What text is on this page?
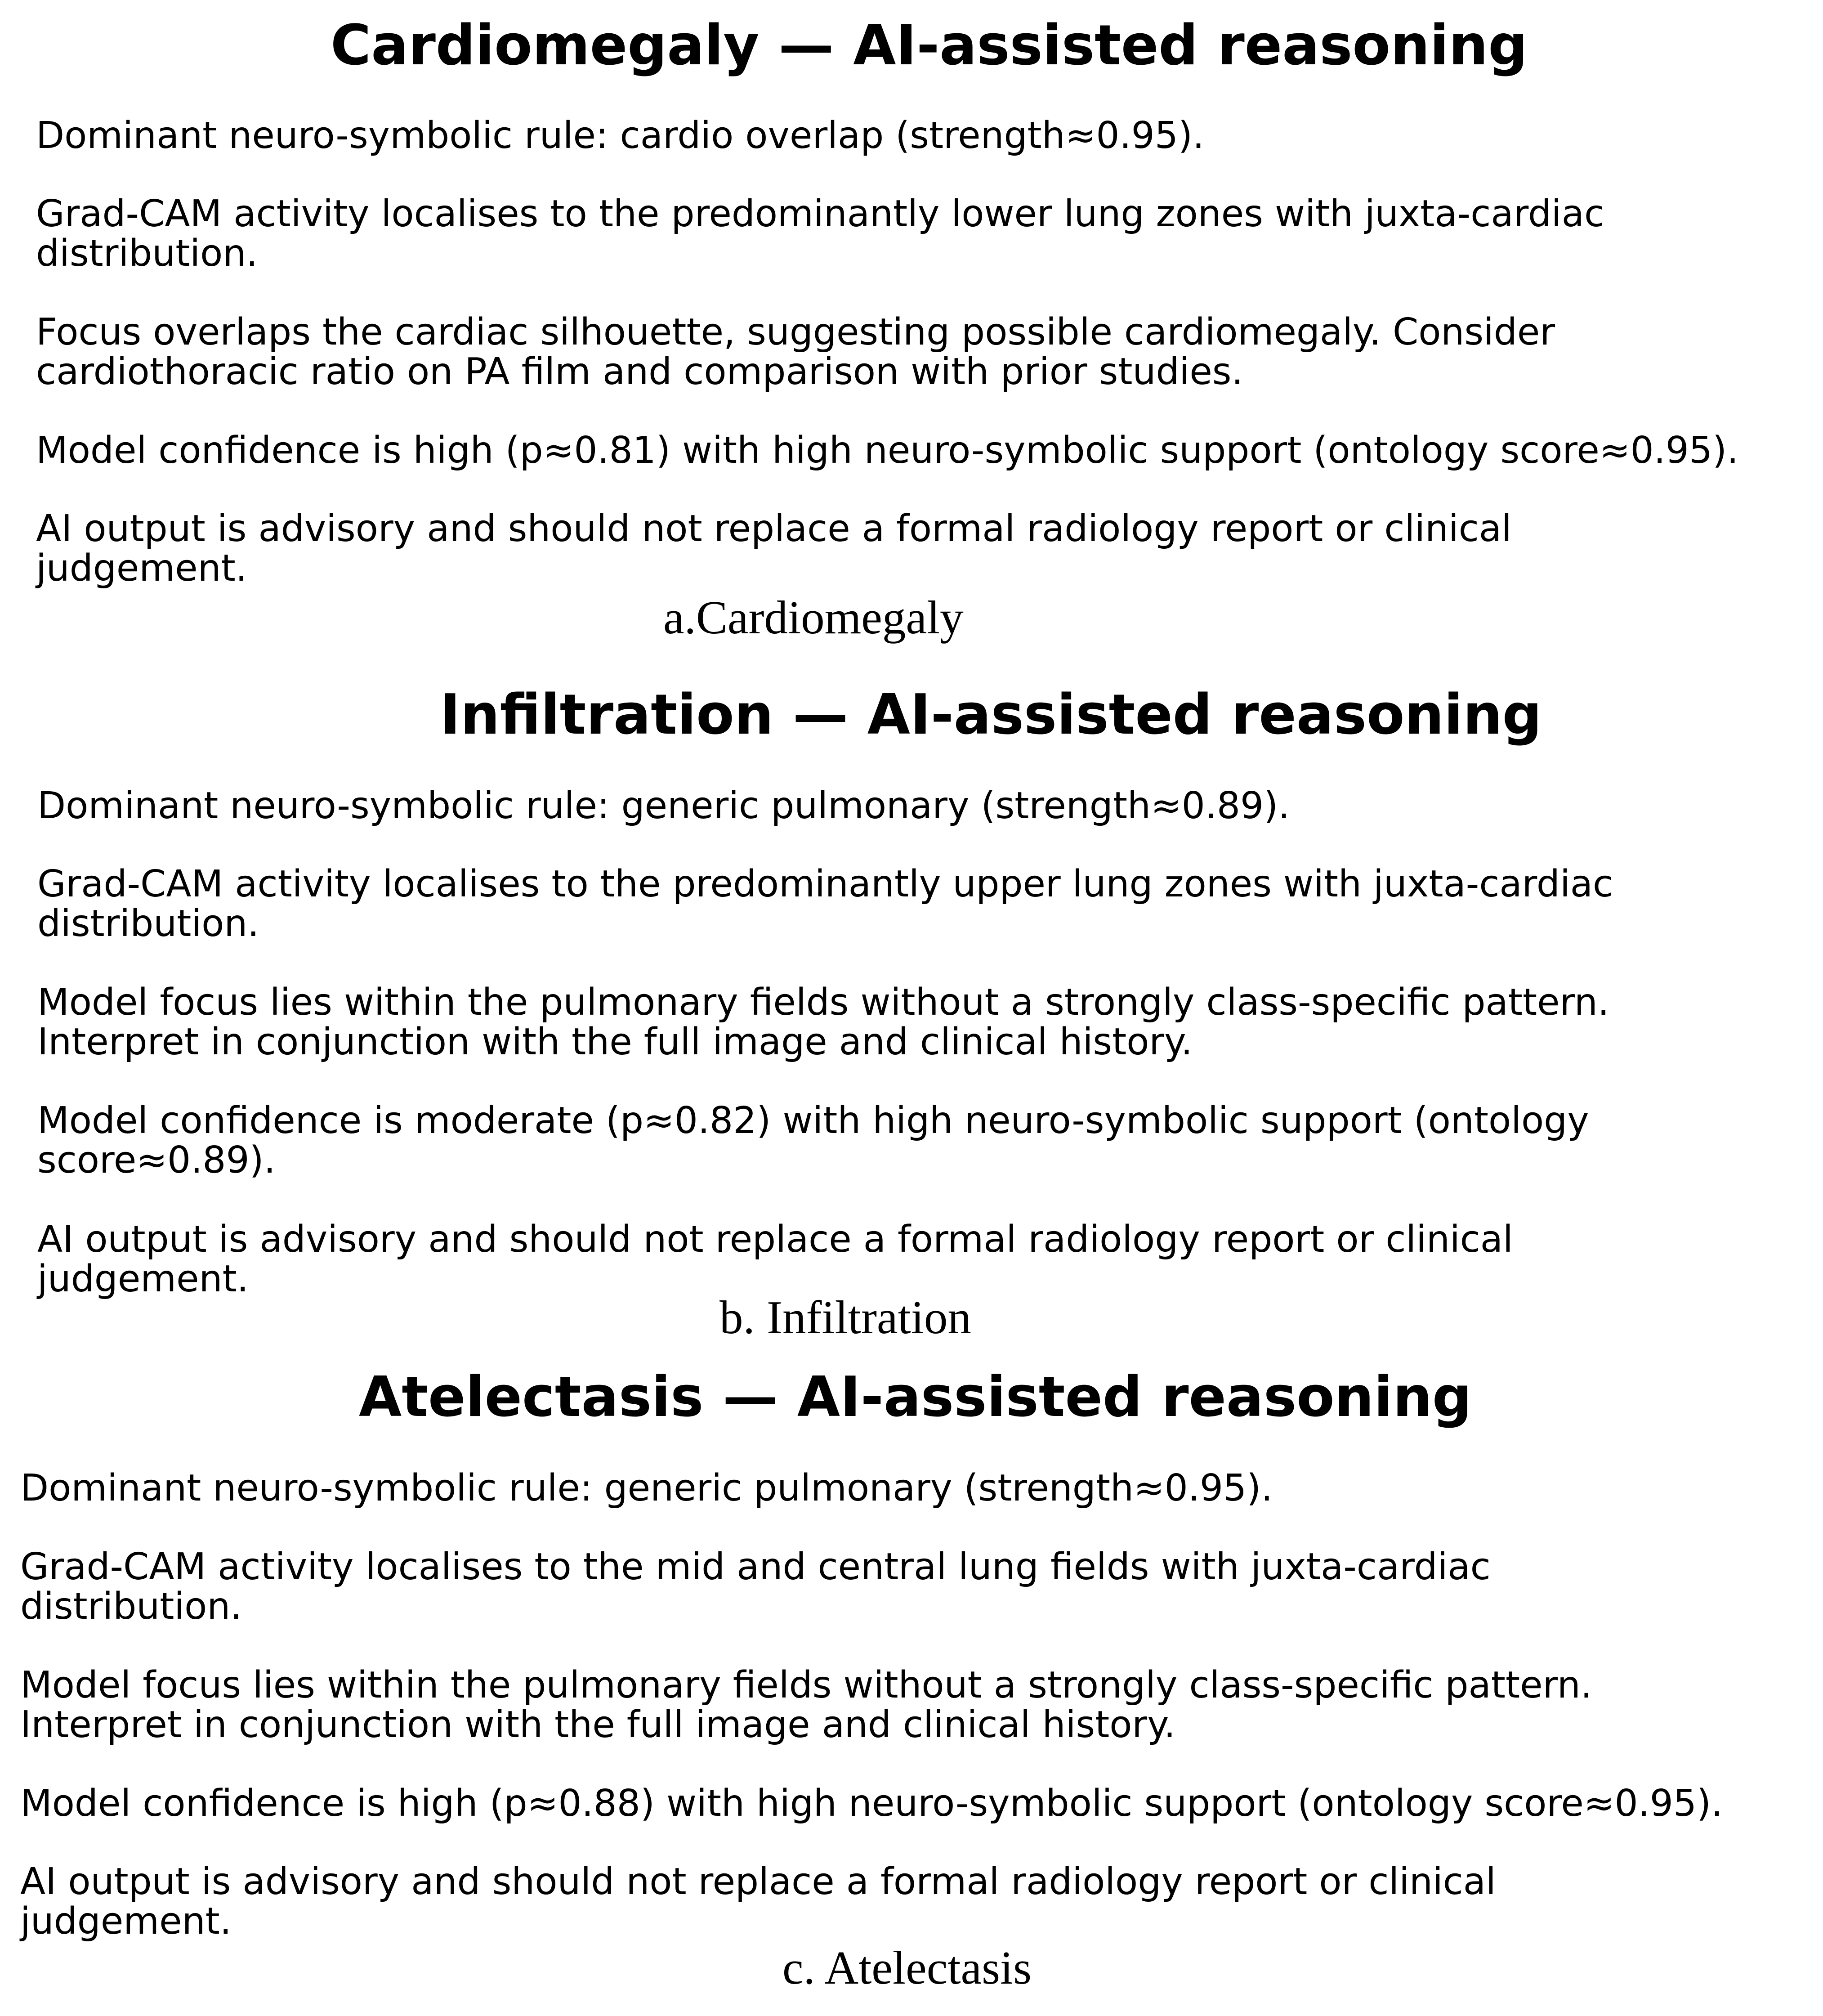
Cardiomegaly — AI-assisted reasoning

Dominant neuro-symbolic rule: cardio overlap (strength≈0.95).

Grad-CAM activity localises to the predominantly lower lung zones with juxta-cardiac
distribution.

Focus overlaps the cardiac silhouette, suggesting possible cardiomegaly. Consider
cardiothoracic ratio on PA film and comparison with prior studies.

Model confidence is high (p≈0.81) with high neuro-symbolic support (ontology score≈0.95).

AI output is advisory and should not replace a formal radiology report or clinical
judgement.

a.Cardiomegaly

Infiltration — AI-assisted reasoning

Dominant neuro-symbolic rule: generic pulmonary (strength≈0.89).

Grad-CAM activity localises to the predominantly upper lung zones with juxta-cardiac
distribution.

Model focus lies within the pulmonary fields without a strongly class-specific pattern.
Interpret in conjunction with the full image and clinical history.

Model confidence is moderate (p≈0.82) with high neuro-symbolic support (ontology
score≈0.89).

AI output is advisory and should not replace a formal radiology report or clinical
judgement.

b. Infiltration

Atelectasis — AI-assisted reasoning

Dominant neuro-symbolic rule: generic pulmonary (strength≈0.95).

Grad-CAM activity localises to the mid and central lung fields with juxta-cardiac
distribution.

Model focus lies within the pulmonary fields without a strongly class-specific pattern.
Interpret in conjunction with the full image and clinical history.

Model confidence is high (p≈0.88) with high neuro-symbolic support (ontology score≈0.95).

AI output is advisory and should not replace a formal radiology report or clinical
judgement.

c. Atelectasis
